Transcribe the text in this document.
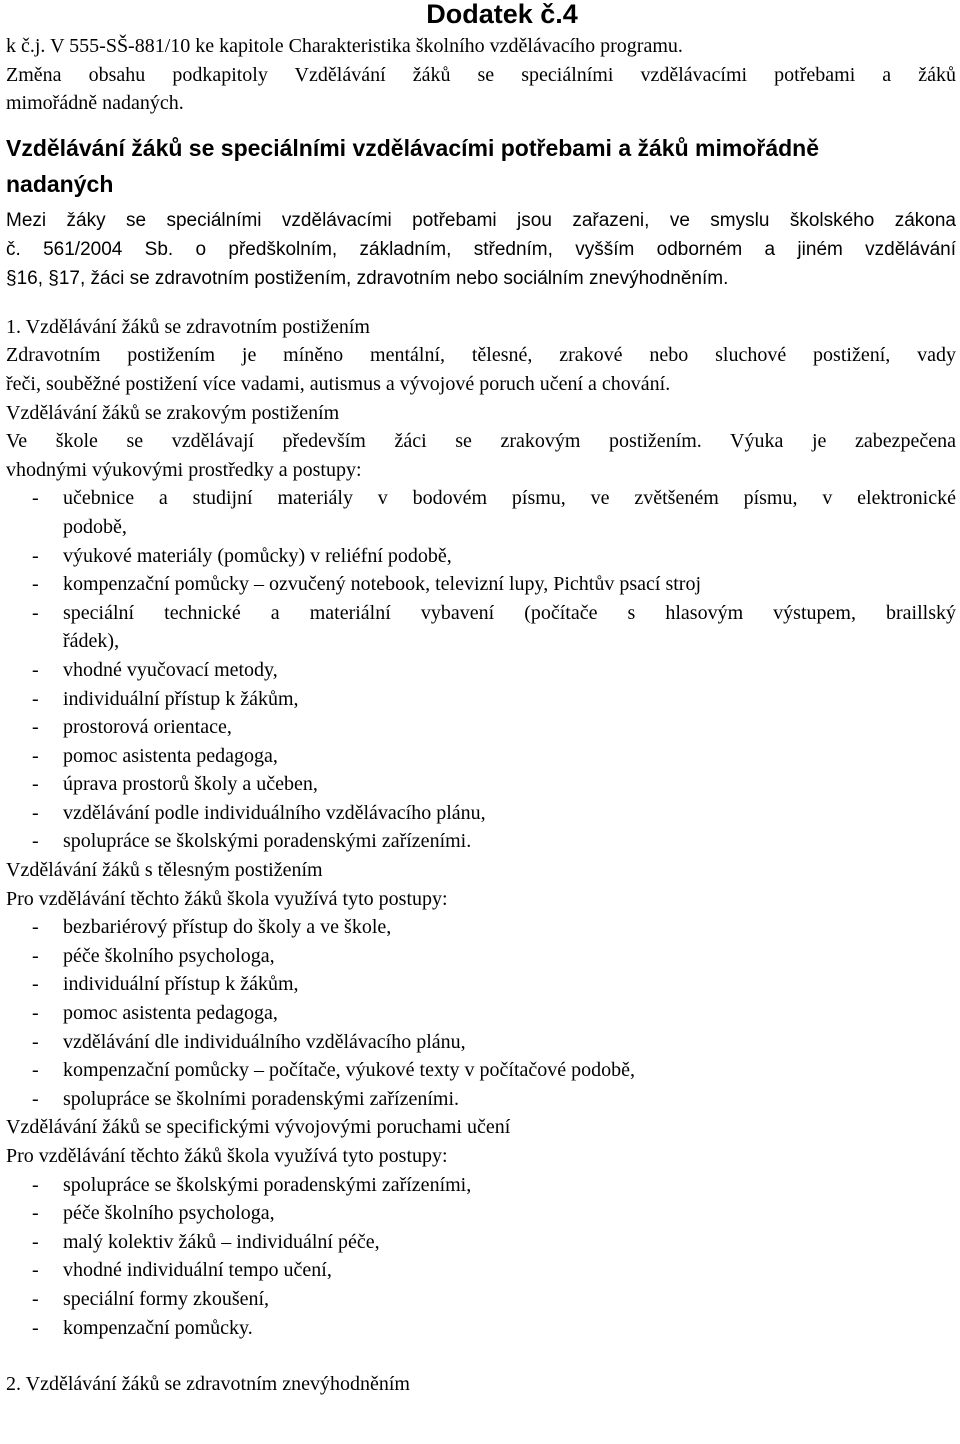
Dodatek č.4

k č.j. V 555-SŠ-881/10 ke kapitole Charakteristika školního vzdělávacího programu.

Změna obsahu podkapitoly Vzdělávání žáků se speciálními vzdělávacími potřebami a žáků

mimořádně nadaných.

Vzdělávání žáků se speciálními vzdělávacími potřebami a žáků mimořádně

nadaných

Mezi žáky se speciálními vzdělávacími potřebami jsou zařazeni, ve smyslu školského zákona

č. 561/2004 Sb. o předškolním, základním, středním, vyšším odborném a jiném vzdělávání

§16, §17, žáci se zdravotním postižením, zdravotním nebo sociálním znevýhodněním.

1. Vzdělávání žáků se zdravotním postižením

Zdravotním postižením je míněno mentální, tělesné, zrakové nebo sluchové postižení, vady

řeči, souběžné postižení více vadami, autismus a vývojové poruch učení a chování.

Vzdělávání žáků se zrakovým postižením

Ve škole se vzdělávají především žáci se zrakovým postižením. Výuka je zabezpečena

vhodnými výukovými prostředky a postupy:

- učebnice a studijní materiály v bodovém písmu, ve zvětšeném písmu, v elektronické
podobě,
- výukové materiály (pomůcky) v reliéfní podobě,
- kompenzační pomůcky – ozvučený notebook, televizní lupy, Pichtův psací stroj
- speciální technické a materiální vybavení (počítače s hlasovým výstupem, braillský
řádek),
- vhodné vyučovací metody,
- individuální přístup k žákům,
- prostorová orientace,
- pomoc asistenta pedagoga,
- úprava prostorů školy a učeben,
- vzdělávání podle individuálního vzdělávacího plánu,
- spolupráce se školskými poradenskými zařízeními.

Vzdělávání žáků s tělesným postižením

Pro vzdělávání těchto žáků škola využívá tyto postupy:

- bezbariérový přístup do školy a ve škole,
- péče školního psychologa,
- individuální přístup k žákům,
- pomoc asistenta pedagoga,
- vzdělávání dle individuálního vzdělávacího plánu,
- kompenzační pomůcky – počítače, výukové texty v počítačové podobě,
- spolupráce se školními poradenskými zařízeními.

Vzdělávání žáků se specifickými vývojovými poruchami učení

Pro vzdělávání těchto žáků škola využívá tyto postupy:

- spolupráce se školskými poradenskými zařízeními,
- péče školního psychologa,
- malý kolektiv žáků – individuální péče,
- vhodné individuální tempo učení,
- speciální formy zkoušení,
- kompenzační pomůcky.

2. Vzdělávání žáků se zdravotním znevýhodněním
